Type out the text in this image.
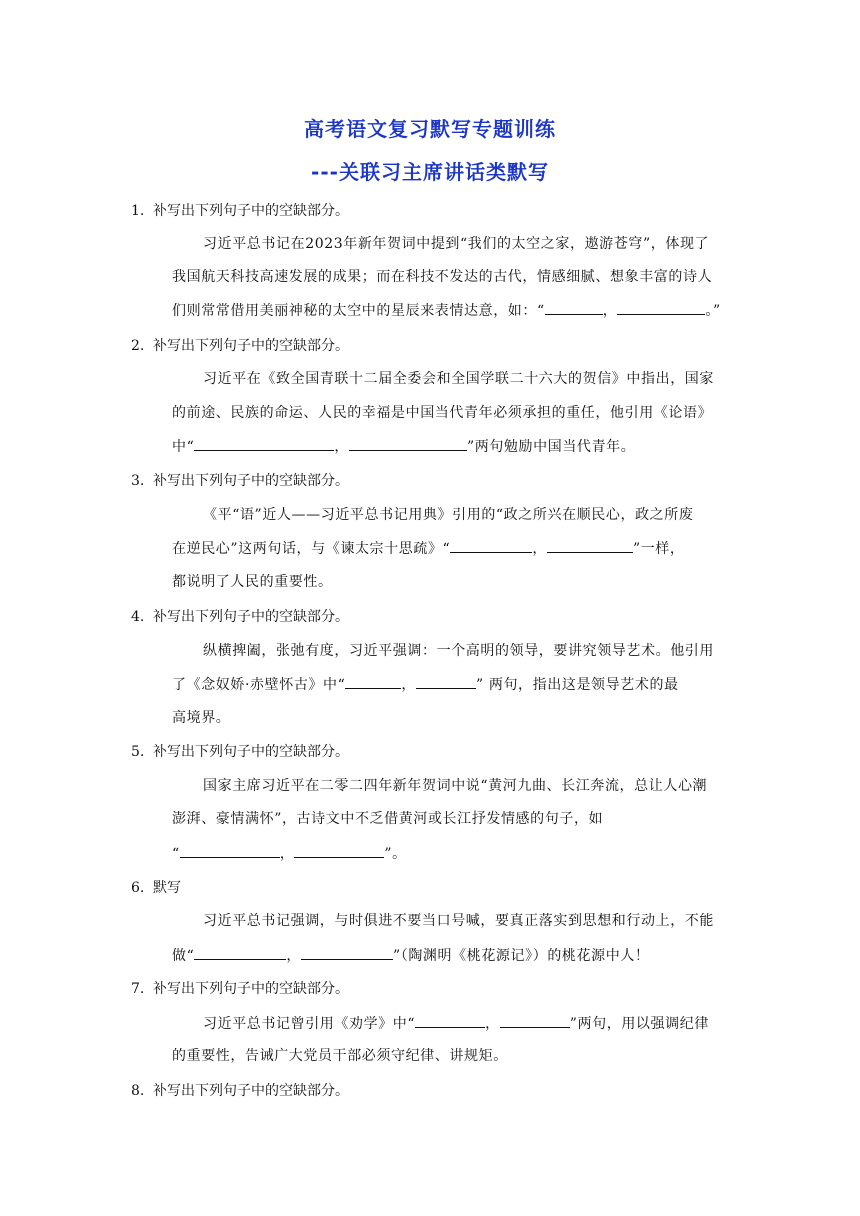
高考语文复习默写专题训练
---关联习主席讲话类默写
1. 补写出下列句子中的空缺部分。
习近平总书记在2023年新年贺词中提到“我们的太空之家，遨游苍穹”，体现了
我国航天科技高速发展的成果；而在科技不发达的古代，情感细腻、想象丰富的诗人
们则常常借用美丽神秘的太空中的星辰来表情达意，如：“	，	。”
2. 补写出下列句子中的空缺部分。
习近平在《致全国青联十二届全委会和全国学联二十六大的贺信》中指出，国家
的前途、民族的命运、人民的幸福是中国当代青年必须承担的重任，他引用《论语》
中“	，	”两句勉励中国当代青年。
3. 补写出下列句子中的空缺部分。
《平“语”近人——习近平总书记用典》引用的“政之所兴在顺民心，政之所废
在逆民心”这两句话，与《谏太宗十思疏》“	，	”一样，
都说明了人民的重要性。
4. 补写出下列句子中的空缺部分。
纵横捭阖，张弛有度，习近平强调：一个高明的领导，要讲究领导艺术。他引用
了《念奴娇·赤壁怀古》中“	，	” 两句，指出这是领导艺术的最
高境界。
5. 补写出下列句子中的空缺部分。
国家主席习近平在二零二四年新年贺词中说“黄河九曲、长江奔流，总让人心潮
澎湃、豪情满怀”，古诗文中不乏借黄河或长江抒发情感的句子，如
“	，	”。
6. 默写
习近平总书记强调，与时俱进不要当口号喊，要真正落实到思想和行动上，不能
做“	，	”（陶渊明《桃花源记》）的桃花源中人！
7. 补写出下列句子中的空缺部分。
习近平总书记曾引用《劝学》中“	，	”两句，用以强调纪律
的重要性，告诫广大党员干部必须守纪律、讲规矩。
8. 补写出下列句子中的空缺部分。
